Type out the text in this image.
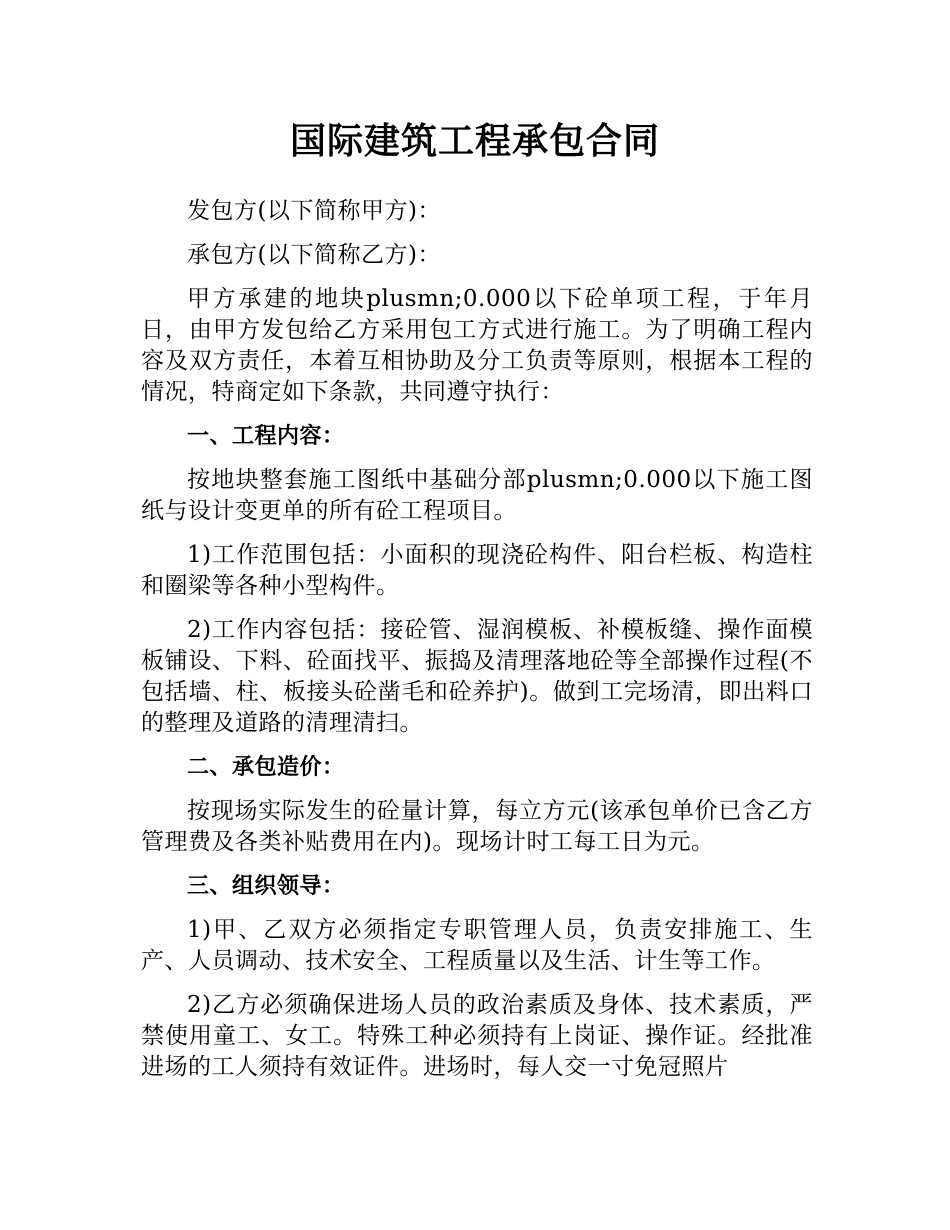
国际建筑工程承包合同

发包方(以下简称甲方)：

承包方(以下简称乙方)：

甲方承建的地块plusmn;0.000以下砼单项工程，于年月日，由甲方发包给乙方采用包工方式进行施工。为了明确工程内容及双方责任，本着互相协助及分工负责等原则，根据本工程的情况，特商定如下条款，共同遵守执行：

一、工程内容：

按地块整套施工图纸中基础分部plusmn;0.000以下施工图纸与设计变更单的所有砼工程项目。

1)工作范围包括：小面积的现浇砼构件、阳台栏板、构造柱和圈梁等各种小型构件。

2)工作内容包括：接砼管、湿润模板、补模板缝、操作面模板铺设、下料、砼面找平、振捣及清理落地砼等全部操作过程(不包括墙、柱、板接头砼凿毛和砼养护)。做到工完场清，即出料口的整理及道路的清理清扫。

二、承包造价：

按现场实际发生的砼量计算，每立方元(该承包单价已含乙方管理费及各类补贴费用在内)。现场计时工每工日为元。

三、组织领导：

1)甲、乙双方必须指定专职管理人员，负责安排施工、生产、人员调动、技术安全、工程质量以及生活、计生等工作。

2)乙方必须确保进场人员的政治素质及身体、技术素质，严禁使用童工、女工。特殊工种必须持有上岗证、操作证。经批准进场的工人须持有效证件。进场时，每人交一寸免冠照片
